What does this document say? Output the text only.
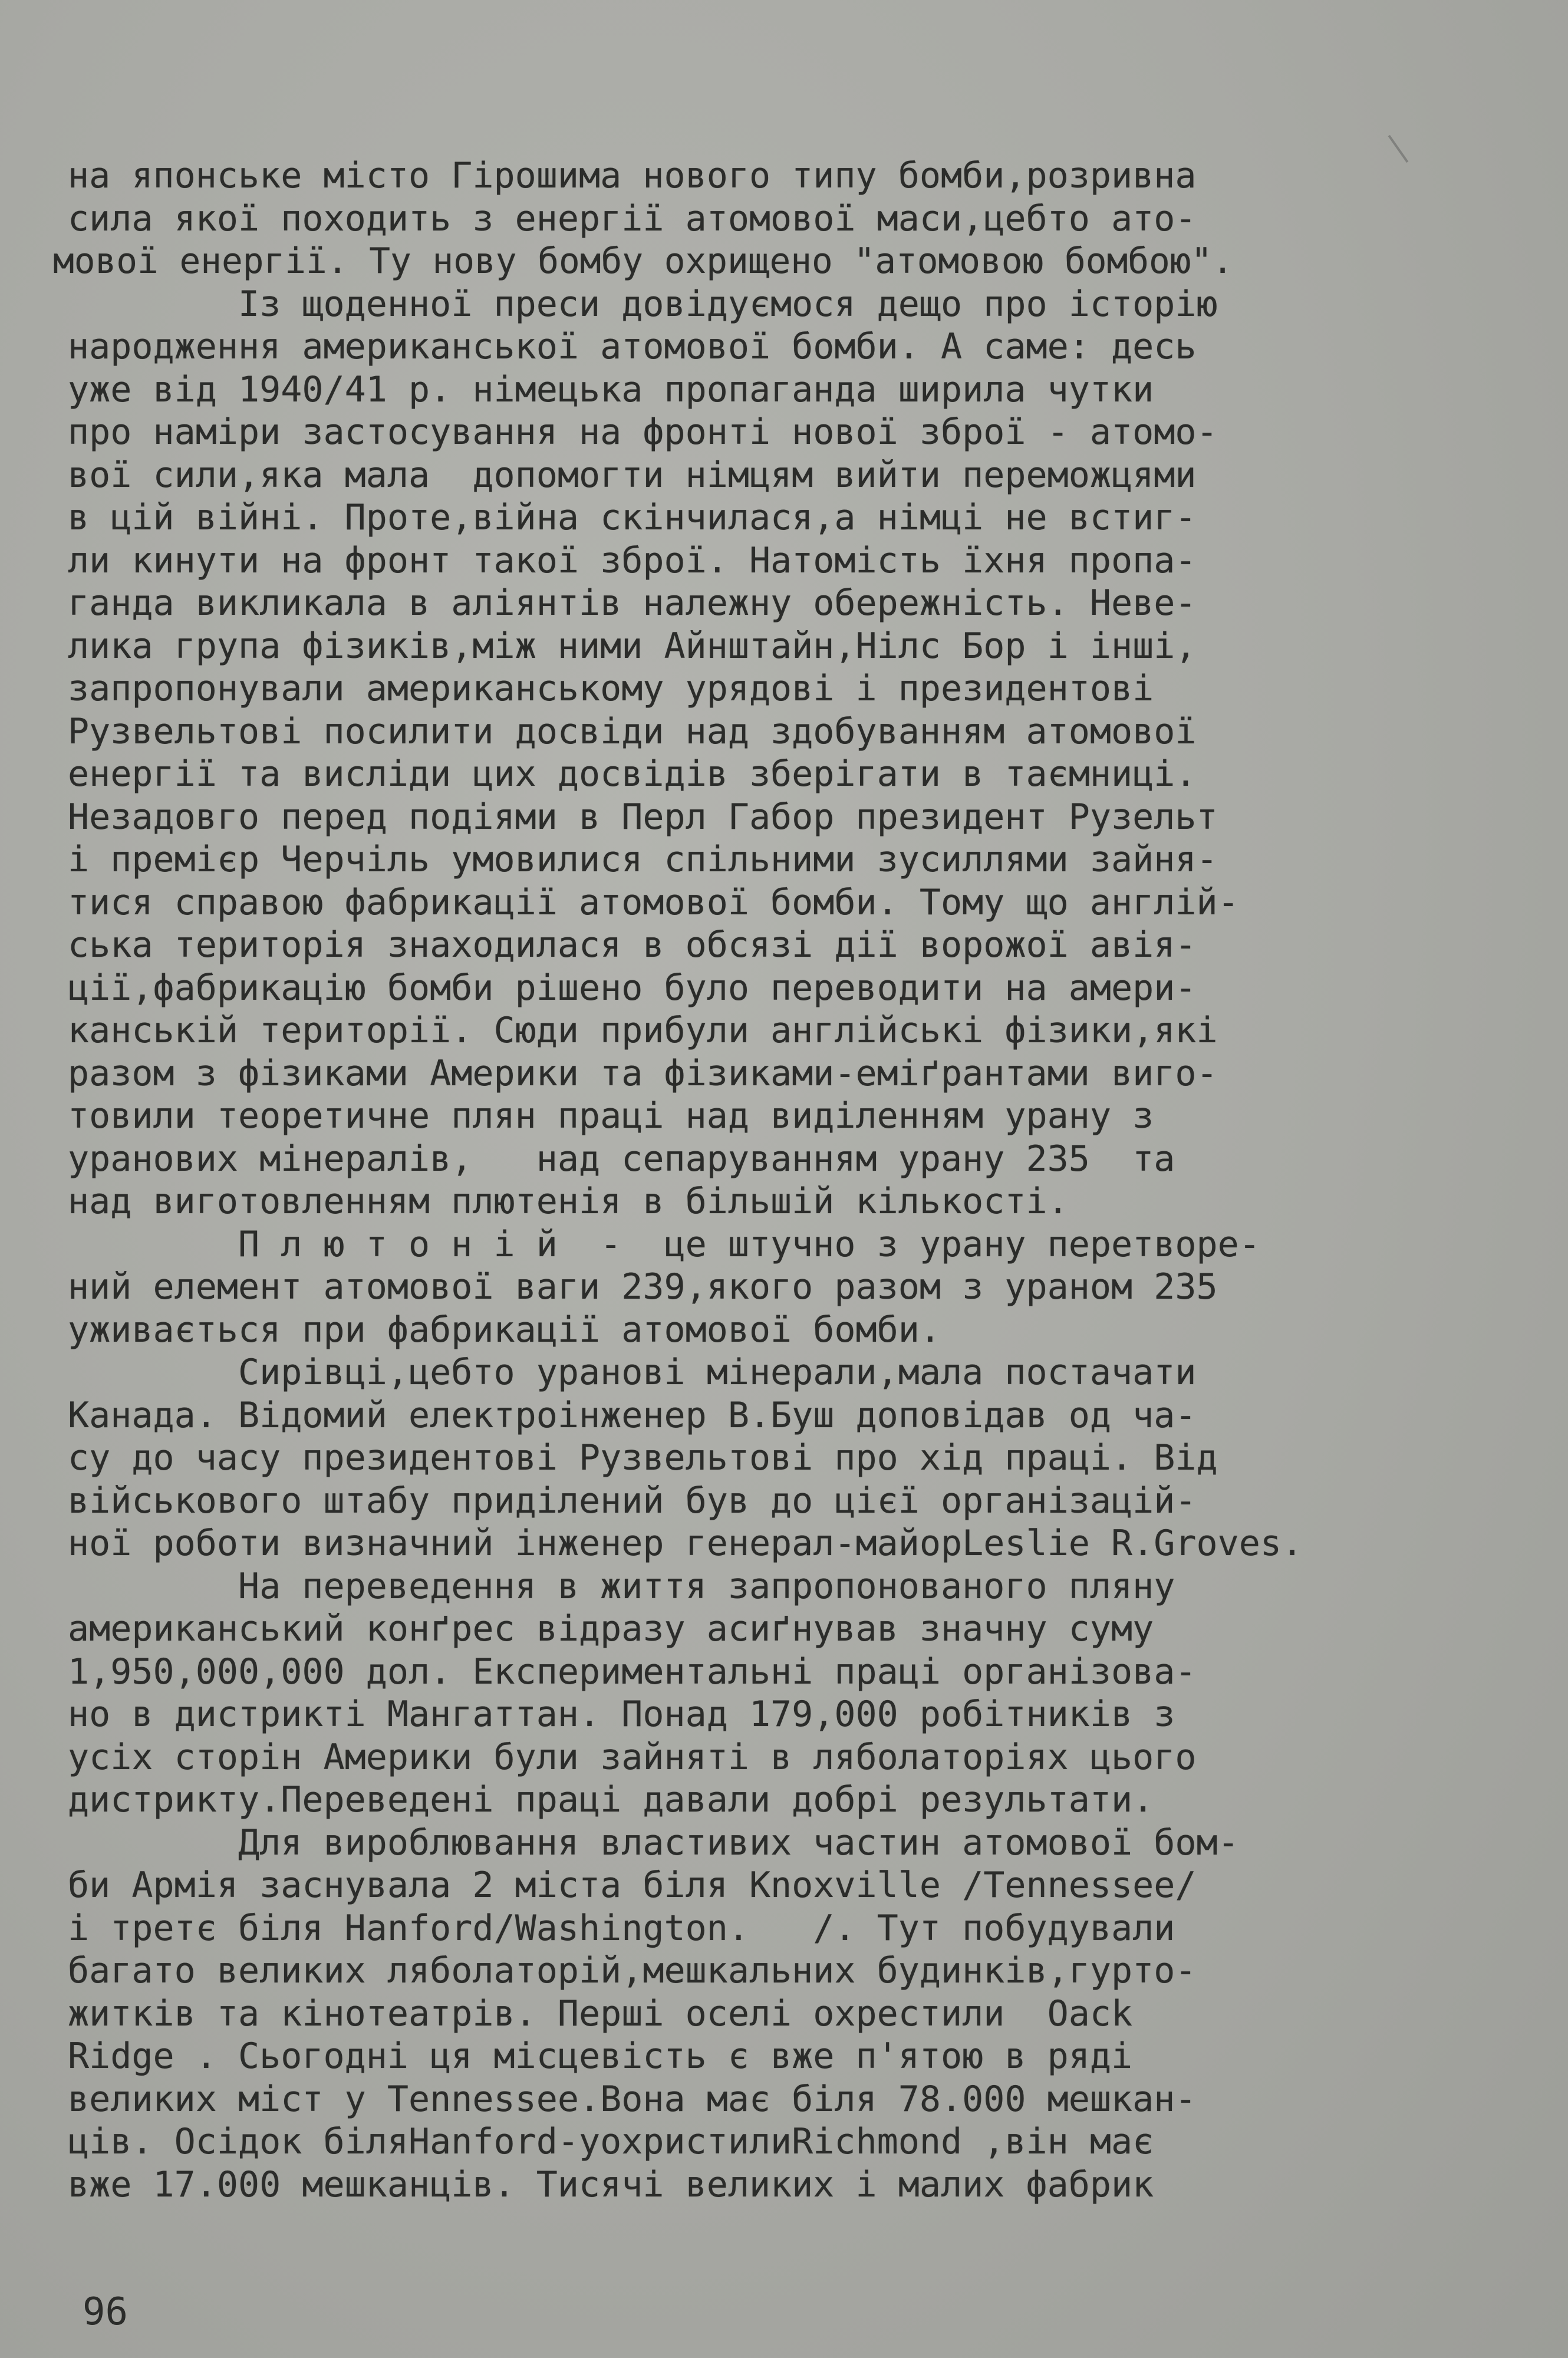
на японське місто Гірошима нового типу бомби,розривна
сила якої походить з енергії атомової маси,цебто ато-
мової енергії. Ту нову бомбу охрищено "атомовою бомбою".
Із щоденної преси довідуємося дещо про історію
народження американської атомової бомби. А саме: десь
уже від 1940/41 р. німецька пропаганда ширила чутки
про наміри застосування на фронті нової зброї - атомо-
вої сили,яка мала  допомогти німцям вийти переможцями
в цій війні. Проте,війна скінчилася,а німці не встиг-
ли кинути на фронт такої зброї. Натомість їхня пропа-
ганда викликала в аліянтів належну обережність. Неве-
лика група фізиків,між ними Айнштайн,Нілс Бор і інші,
запропонували американському урядові і президентові
Рузвельтові посилити досвіди над здобуванням атомової
енергії та висліди цих досвідів зберігати в таємниці.
Незадовго перед подіями в Перл Габор президент Рузельт
і премієр Черчіль умовилися спільними зусиллями зайня-
тися справою фабрикації атомової бомби. Тому що англій-
ська територія знаходилася в обсязі дії ворожої авія-
ції,фабрикацію бомби рішено було переводити на амери-
канській території. Сюди прибули англійські фізики,які
разом з фізиками Америки та фізиками-еміґрантами виго-
товили теоретичне плян праці над виділенням урану з
уранових мінералів,   над сепаруванням урану 235  та
над виготовленням плютенія в більшій кількості.
П л ю т о н і й  -  це штучно з урану перетворе-
ний елемент атомової ваги 239,якого разом з ураном 235
уживається при фабрикації атомової бомби.
Сирівці,цебто уранові мінерали,мала постачати
Канада. Відомий електроінженер В.Буш доповідав од ча-
су до часу президентові Рузвельтові про хід праці. Від
військового штабу приділений був до цієї організацій-
ної роботи визначний інженер генерал-майорLeslie R.Groves.
На переведення в життя запропонованого пляну
американський конґрес відразу асиґнував значну суму
1,950,000,000 дол. Експериментальні праці організова-
но в дистрикті Мангаттан. Понад 179,000 робітників з
усіх сторін Америки були зайняті в ляболаторіях цього
дистрикту.Переведені праці давали добрі результати.
Для вироблювання властивих частин атомової бом-
би Армія заснувала 2 міста біля Knoxville /Tennessee/
і третє біля Hanford/Washington.   /. Тут побудували
багато великих ляболаторій,мешкальних будинків,гурто-
житків та кінотеатрів. Перші оселі охрестили  Oack
Ridge . Сьогодні ця місцевість є вже п'ятою в ряді
великих міст у Tennessee.Вона має біля 78.000 мешкан-
ців. Осідок біляHanford-уохристилиRichmond ,він має
вже 17.000 мешканців. Тисячі великих і малих фабрик
96
